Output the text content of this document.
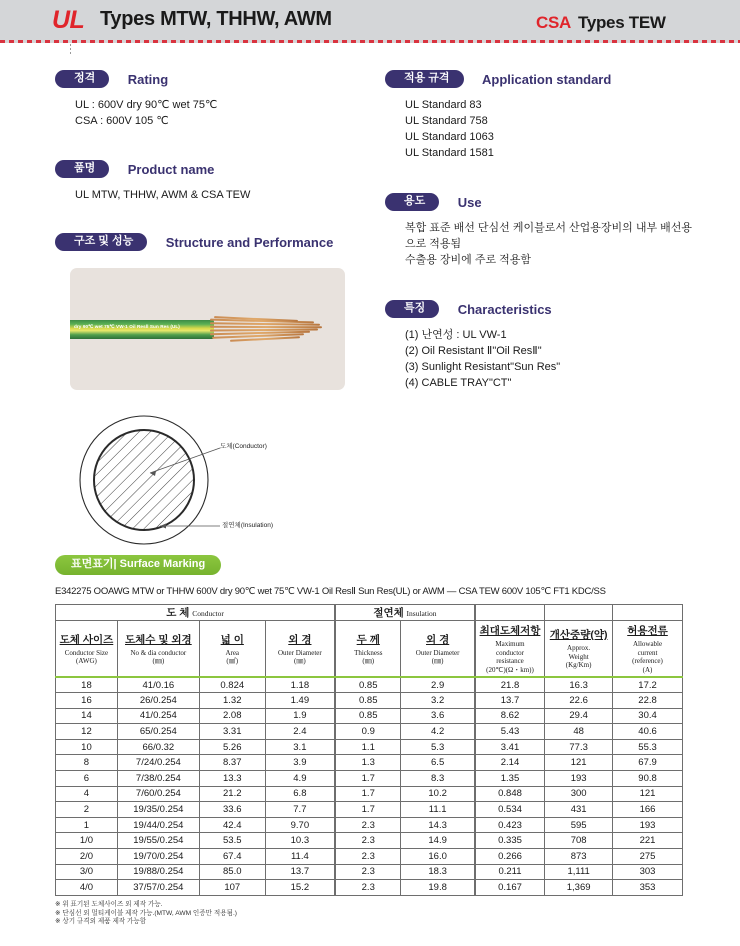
UL Types MTW, THHW, AWM	CSA Types TEW
정격 Rating
UL : 600V dry 90℃ wet 75℃
CSA : 600V 105 ℃
품명 Product name
UL MTW, THHW, AWM & CSA TEW
구조 및 성능 Structure and Performance
dry 90℃ wet 75℃ VW-1 Oil Resll Sun Res (UL)
도체(Conductor)
절연체(Insulation)
적용 규격 Application standard
UL Standard 83
UL Standard 758
UL Standard 1063
UL Standard 1581
용도 Use
복합 표준 배선 단심선 케이블로서 산업용장비의 내부 배선용
으로 적용됨
수출용 장비에 주로 적용함
특징 Characteristics
(1) 난연성 : UL VW-1
(2) Oil Resistant Ⅱ"Oil ResⅡ"
(3) Sunlight Resistant"Sun Res"
(4) CABLE TRAY"CT"
표면표기| Surface Marking
E342275 OOAWG MTW or THHW 600V dry 90℃ wet 75℃ VW-1 Oil ResⅡ Sun Res(UL) or AWM — CSA TEW 600V 105℃ FT1 KDC/SS
도 체 Conductor				절연체 Insulation				

도체 사이즈
Conductor Size
(AWG)	도체수 및 외경
No & dia conductor
(㎜)	넓 이
Area
(㎟)	외 경
Outer Diameter
(㎜)	두 께
Thickness
(㎜)	외 경
Outer Diameter
(㎜)	최대도체저항
Maximum
conductor
resistance
(20℃)(Ω・km))	개산중량(약)
Approx.
Weight
(Kg/Km)	허용전류
Allowable
current
(reference)
(A)

18	41/0.16	0.824	1.18	0.85	2.9	21.8	16.3	17.2
16	26/0.254	1.32	1.49	0.85	3.2	13.7	22.6	22.8
14	41/0.254	2.08	1.9	0.85	3.6	8.62	29.4	30.4
12	65/0.254	3.31	2.4	0.9	4.2	5.43	48	40.6
10	66/0.32	5.26	3.1	1.1	5.3	3.41	77.3	55.3
8	7/24/0.254	8.37	3.9	1.3	6.5	2.14	121	67.9
6	7/38/0.254	13.3	4.9	1.7	8.3	1.35	193	90.8
4	7/60/0.254	21.2	6.8	1.7	10.2	0.848	300	121
2	19/35/0.254	33.6	7.7	1.7	11.1	0.534	431	166
1	19/44/0.254	42.4	9.70	2.3	14.3	0.423	595	193
1/0	19/55/0.254	53.5	10.3	2.3	14.9	0.335	708	221
2/0	19/70/0.254	67.4	11.4	2.3	16.0	0.266	873	275
3/0	19/88/0.254	85.0	13.7	2.3	18.3	0.211	1,111	303
4/0	37/57/0.254	107	15.2	2.3	19.8	0.167	1,369	353
※ 위 표기된 도체사이즈 외 제작 가능.
※ 단심선 외 멀티케이블 제작 가능.(MTW, AWM 인증만 적용됨.)
※ 상기 규격외 제품 제작 가능함
